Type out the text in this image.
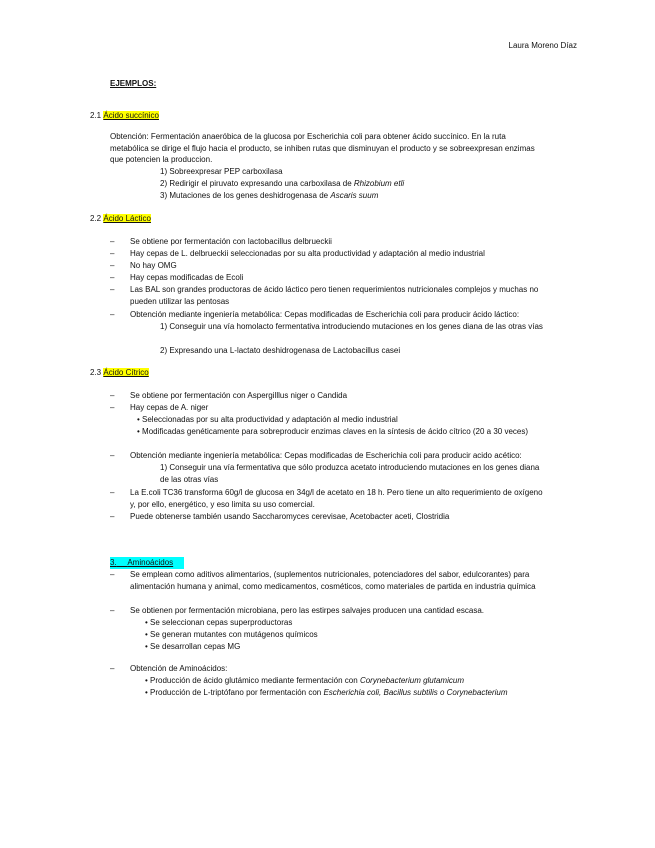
Laura Moreno Díaz
EJEMPLOS:
2.1 Ácido succínico
Obtención: Fermentación anaeróbica de la glucosa por Escherichia coli para obtener ácido succínico. En la ruta metabólica se dirige el flujo hacia el producto, se inhiben rutas que disminuyan el producto y se sobreexpresan enzimas que potencien la produccion.
1) Sobreexpresar PEP carboxilasa
2) Redirigir el piruvato expresando una carboxilasa de Rhizobium etli
3) Mutaciones de los genes deshidrogenasa de Ascaris suum
2.2 Ácido Láctico
–	Se obtiene por fermentación con lactobacillus delbrueckii
–	Hay cepas de L. delbrueckii seleccionadas por su alta productividad y adaptación al medio industrial
–	No hay OMG
–	Hay cepas modificadas de Ecoli
–	Las BAL son grandes productoras de ácido láctico pero tienen requerimientos nutricionales complejos y muchas no pueden utilizar las pentosas
–	Obtención mediante ingeniería metabólica: Cepas modificadas de Escherichia coli para producir ácido láctico:
1) Conseguir una vía homolacto fermentativa introduciendo mutaciones en los genes diana de las otras vías
2) Expresando una L-lactato deshidrogenasa de Lactobacillus casei
2.3 Ácido Cítrico
–	Se obtiene por fermentación con Aspergilllus niger o Candida
–	Hay cepas de A. niger
• Seleccionadas por su alta productividad y adaptación al medio industrial
• Modificadas genéticamente para sobreproducir enzimas claves en la síntesis de ácido cítrico (20 a 30 veces)
–	Obtención mediante ingeniería metabólica: Cepas modificadas de Escherichia coli para producir acido acético:
1) Conseguir una vía fermentativa que sólo produzca acetato introduciendo mutaciones en los genes diana de las otras vías
–	La E.coli TC36 transforma 60g/l de glucosa en 34g/l de acetato en 18 h. Pero tiene un alto requerimiento de oxígeno y, por ello, energético, y eso limita su uso comercial.
–	Puede obtenerse también usando Saccharomyces cerevisae, Acetobacter aceti, Clostridia
3. Aminoácidos
–	Se emplean como aditivos alimentarios, (suplementos nutricionales, potenciadores del sabor, edulcorantes) para alimentación humana y animal, como medicamentos, cosméticos, como materiales de partida en industria química
–	Se obtienen por fermentación microbiana, pero las estirpes salvajes producen una cantidad escasa.
• Se seleccionan cepas superproductoras
• Se generan mutantes con mutágenos químicos
• Se desarrollan cepas MG
–	Obtención de Aminoácidos:
• Producción de ácido glutámico mediante fermentación con Corynebacterium glutamicum
• Producción de L-triptófano por fermentación con Escherichia coli, Bacillus subtilis o Corynebacterium
